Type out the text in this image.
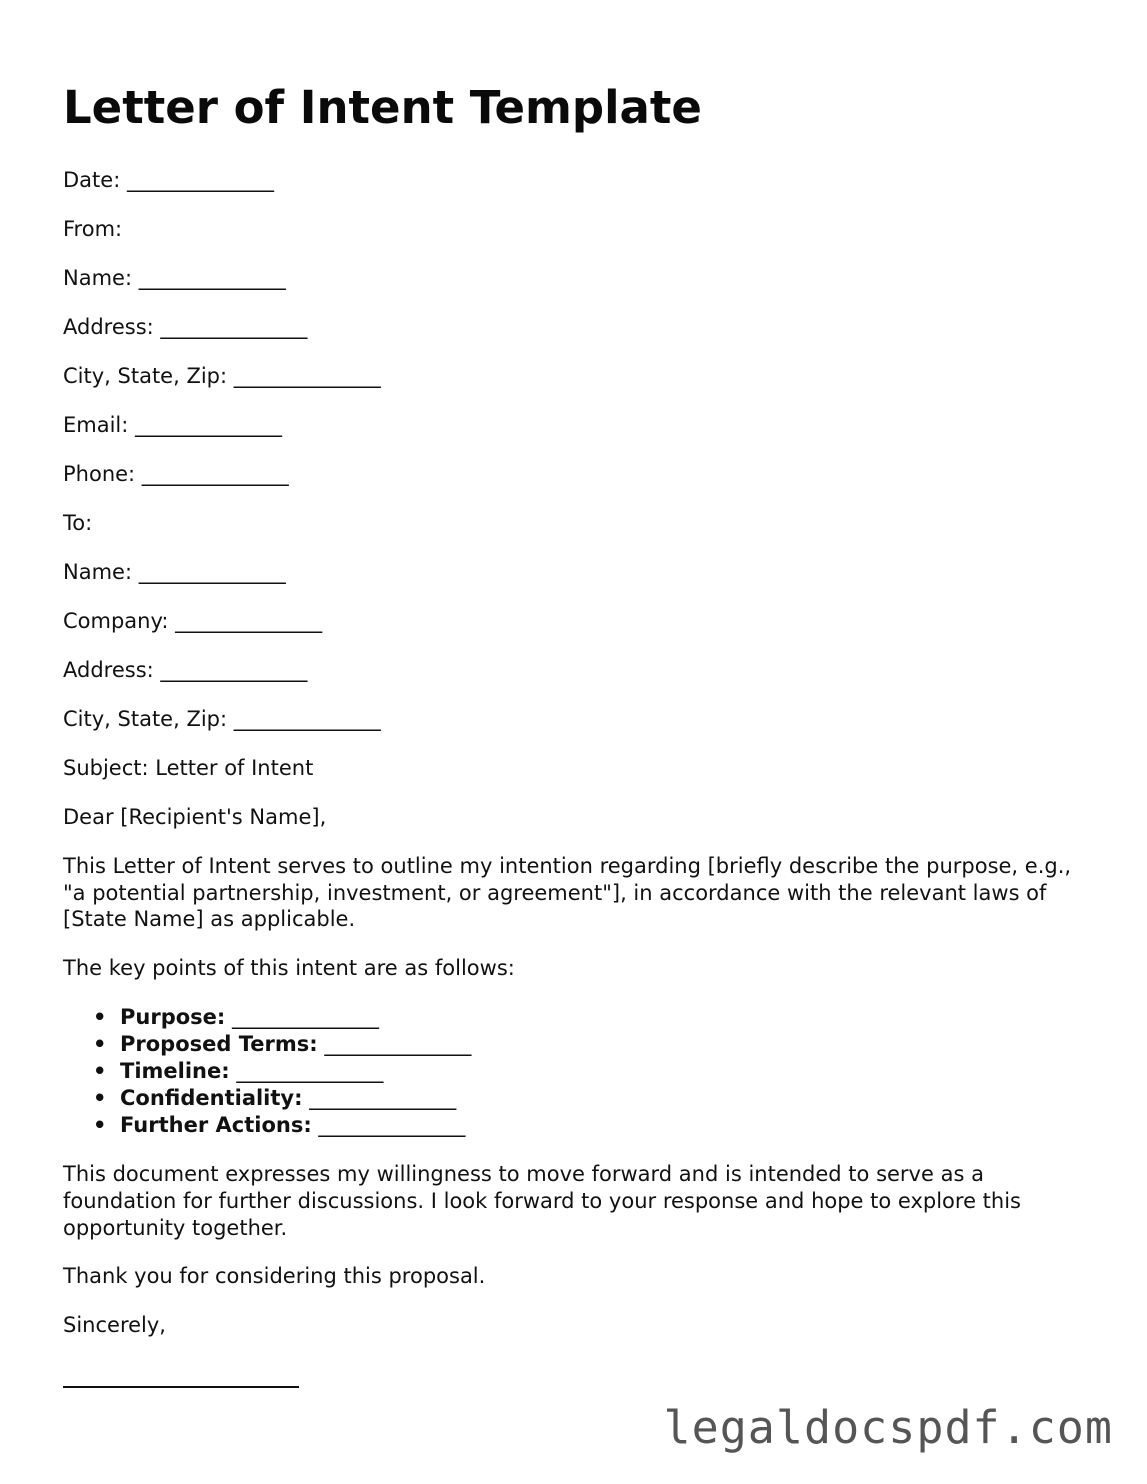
Letter of Intent Template
Date: ______________
From:
Name: ______________
Address: ______________
City, State, Zip: ______________
Email: ______________
Phone: ______________
To:
Name: ______________
Company: ______________
Address: ______________
City, State, Zip: ______________
Subject: Letter of Intent
Dear [Recipient's Name],

This Letter of Intent serves to outline my intention regarding [briefly describe the purpose, e.g., "a potential partnership, investment, or agreement"], in accordance with the relevant laws of [State Name] as applicable.

The key points of this intent are as follows:
• Purpose: ______________
• Proposed Terms: ______________
• Timeline: ______________
• Confidentiality: ______________
• Further Actions: ______________

This document expresses my willingness to move forward and is intended to serve as a foundation for further discussions. I look forward to your response and hope to explore this opportunity together.

Thank you for considering this proposal.
Sincerely,
legaldocspdf.com
